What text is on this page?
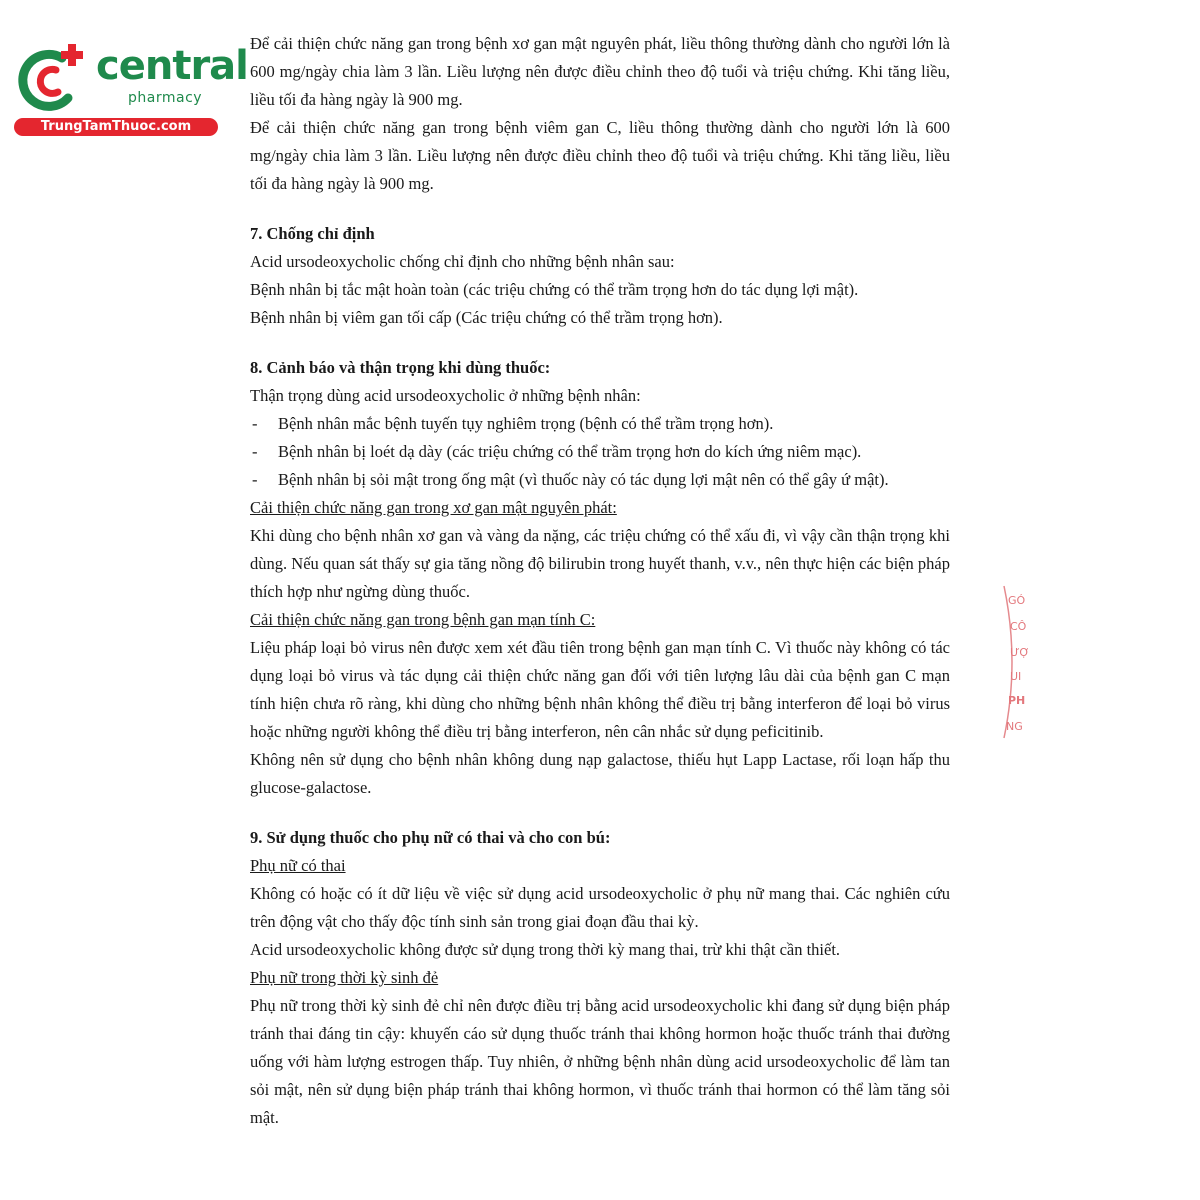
central
pharmacy
TrungTamThuoc.com

Để cải thiện chức năng gan trong bệnh xơ gan mật nguyên phát, liều thông thường dành cho người lớn là 600 mg/ngày chia làm 3 lần. Liều lượng nên được điều chỉnh theo độ tuổi và triệu chứng. Khi tăng liều, liều tối đa hàng ngày là 900 mg.

Để cải thiện chức năng gan trong bệnh viêm gan C, liều thông thường dành cho người lớn là 600 mg/ngày chia làm 3 lần. Liều lượng nên được điều chỉnh theo độ tuổi và triệu chứng. Khi tăng liều, liều tối đa hàng ngày là 900 mg.

7. Chống chỉ định

Acid ursodeoxycholic chống chỉ định cho những bệnh nhân sau:

Bệnh nhân bị tắc mật hoàn toàn (các triệu chứng có thể trầm trọng hơn do tác dụng lợi mật).

Bệnh nhân bị viêm gan tối cấp (Các triệu chứng có thể trầm trọng hơn).

8. Cảnh báo và thận trọng khi dùng thuốc:

Thận trọng dùng acid ursodeoxycholic ở những bệnh nhân:

- Bệnh nhân mắc bệnh tuyến tụy nghiêm trọng (bệnh có thể trầm trọng hơn).

- Bệnh nhân bị loét dạ dày (các triệu chứng có thể trầm trọng hơn do kích ứng niêm mạc).

- Bệnh nhân bị sỏi mật trong ống mật (vì thuốc này có tác dụng lợi mật nên có thể gây ứ mật).

Cải thiện chức năng gan trong xơ gan mật nguyên phát:

Khi dùng cho bệnh nhân xơ gan và vàng da nặng, các triệu chứng có thể xấu đi, vì vậy cần thận trọng khi dùng. Nếu quan sát thấy sự gia tăng nồng độ bilirubin trong huyết thanh, v.v., nên thực hiện các biện pháp thích hợp như ngừng dùng thuốc.

Cải thiện chức năng gan trong bệnh gan mạn tính C:

Liệu pháp loại bỏ virus nên được xem xét đầu tiên trong bệnh gan mạn tính C. Vì thuốc này không có tác dụng loại bỏ virus và tác dụng cải thiện chức năng gan đối với tiên lượng lâu dài của bệnh gan C mạn tính hiện chưa rõ ràng, khi dùng cho những bệnh nhân không thể điều trị bằng interferon để loại bỏ virus hoặc những người không thể điều trị bằng interferon, nên cân nhắc sử dụng peficitinib.

Không nên sử dụng cho bệnh nhân không dung nạp galactose, thiếu hụt Lapp Lactase, rối loạn hấp thu glucose-galactose.

9. Sử dụng thuốc cho phụ nữ có thai và cho con bú:

Phụ nữ có thai

Không có hoặc có ít dữ liệu về việc sử dụng acid ursodeoxycholic ở phụ nữ mang thai. Các nghiên cứu trên động vật cho thấy độc tính sinh sản trong giai đoạn đầu thai kỳ.

Acid ursodeoxycholic không được sử dụng trong thời kỳ mang thai, trừ khi thật cần thiết.

Phụ nữ trong thời kỳ sinh đẻ

Phụ nữ trong thời kỳ sinh đẻ chỉ nên được điều trị bằng acid ursodeoxycholic khi đang sử dụng biện pháp tránh thai đáng tin cậy: khuyến cáo sử dụng thuốc tránh thai không hormon hoặc thuốc tránh thai đường uống với hàm lượng estrogen thấp. Tuy nhiên, ở những bệnh nhân dùng acid ursodeoxycholic để làm tan sỏi mật, nên sử dụng biện pháp tránh thai không hormon, vì thuốc tránh thai hormon có thể làm tăng sỏi mật.

GÓ
CÔ
ƯỢ
UI
PH
NG
